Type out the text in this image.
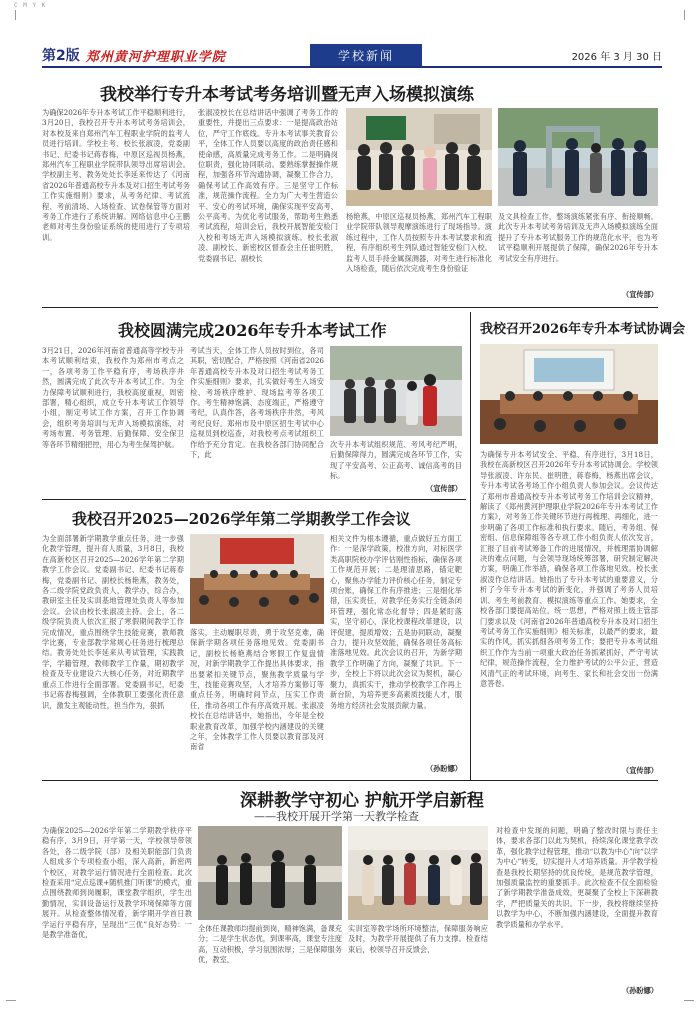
C M Y K
第2版 郑州黄河护理职业学院	学校新闻	2026 年 3 月 30 日
我校举行专升本考试考务培训暨无声入场模拟演练
为确保2026年专升本考试工作平稳顺利进行，3月20日，我校召开专升本考试考务培训会，对本校及来自郑州汽车工程职业学院的监考人员进行培训。学校主考、校长张淑凌，党委副书记、纪委书记蒋春梅，中原区巡视员杨燕，郑州汽车工程职业学院带队领导出席培训会。学校副主考、教务处处长李延来传达了《河南省2026年普通高校专升本及对口招生考试考务工作实施细则》要求，从考务纪律、考试流程、考前清场、入场检查、试卷保管等方面对考务工作进行了系统讲解。网络信息中心王鹏老师对考生身份验证系统的使用进行了专项培训。
张淑凌校长在总结讲话中强调了考务工作的重要性，并提出三点要求：一是提高政治站位，严守工作底线。专升本考试事关教育公平，全体工作人员要以高度的政治责任感和使命感，高质量完成考务工作。二是明确岗位职责，强化协同联动。要熟练掌握操作规程，加强各环节沟通协调，凝聚工作合力，确保考试工作高效有序。三是坚守工作标准，规范操作流程。全力为广大考生营造公平、安心的考试环境，确保实现平安高考、公平高考。为优化考试服务，帮助考生熟悉考试流程，培训会后，我校开展智能安检门入校和考场无声入场模拟演练。校长张淑凌、副校长、新密校区督查会主任崔明胜，党委副书记、副校长
杨艳燕，中原区巡视员杨燕，郑州汽车工程职业学院带队领导观摩演练进行了现场指导。演练过程中，工作人员按照专升本考试要求和流程，有序组织考生列队通过智能安检门入校。监考人员手持金属探测器，对考生进行标准化入场检查，随后依次完成考生身份验证
及文具检查工作，整场演练紧张有序、衔接顺畅。此次专升本考试考务培训及无声入场模拟演练全面提升了专升本考试服务工作的规范化水平，也为考试平稳顺利开展提供了保障，确保2026年专升本考试安全有序进行。
（宣传部）
我校圆满完成2026年专升本考试工作
3月21日，2026年河南省普通高等学校专升本考试顺利结束，我校作为郑州市考点之一，各项考务工作平稳有序，考场秩序井然，圆满完成了此次专升本考试工作。为全力保障考试顺利进行，我校高度重视，周密部署，精心组织，成立专升本考试工作领导小组，制定考试工作方案，召开工作协调会，组织考务培训与无声入场模拟演练，对考场布置、考务管理、后勤保障、安全保卫等各环节精细把控，用心为考生保驾护航。
考试当天，全体工作人员按时到位，各司其职，密切配合，严格按照《河南省2026年普通高校专升本及对口招生考试考务工作实施细则》要求，扎实做好考生入场安检、考场秩序维护、现场监考等各项工作。考生精神饱满、态度端正，严格遵守考纪，认真作答，各考场秩序井然，考风考纪良好。郑州市及中原区招生考试中心巡视员到校巡查，对我校考点考试组织工作给予充分肯定。在我校各部门协同配合下，此
次专升本考试组织规范、考风考纪严明，后勤保障得力，圆满完成各环节工作，实现了平安高考、公正高考、诚信高考的目标。
（宣传部）
我校召开2026年专升本考试协调会
为确保专升本考试安全、平稳、有序进行，3月18日，我校在高新校区召开2026年专升本考试协调会。学校领导张淑凌、许东民、崔明胜，蒋春梅，杨燕出席会议，专升本考试各考场工作小组负责人参加会议。会议传达了郑州市普通高校专升本考试考务工作培训会议精神，解读了《郑州黄河护理职业学院2026年专升本考试工作方案》，对考务工作关键环节进行再梳理、再细化，进一步明确了各项工作标准和执行要求。随后，考务组、保密组、信息保障组等各专项工作小组负责人依次发言，汇报了目前考试筹备工作的进展情况，并梳理需协调解决的难点问题，与会领导现场统筹部署，研究制定解决方案，明确工作举措，确保各项工作落地见效。校长张淑凌作总结讲话。她指出了专升本考试的重要意义，分析了今年专升本考试的新变化，并强调了考务人员培训、考生考前教育、模拟演练等重点工作。她要求，全校各部门要提高站位，统一思想，严格对照上级主管部门要求以及《河南省2026年普通高校专升本及对口招生考试考务工作实施细则》相关标准，以最严的要求，最实的作风，抓实抓细各项考务工作；要把专升本考试组织工作作为当前一项重大政治任务抓紧抓好，严守考试纪律，规范操作流程，全力维护考试的公平公正，营造风清气正的考试环境，向考生、家长和社会交出一份满意答卷。
（宣传部）
我校召开2025—2026学年第二学期教学工作会议
为全面部署新学期教学重点任务，进一步强化教学管理，提升育人质量，3月8日，我校在高新校区召开2025—2026学年第二学期教学工作会议。党委副书记、纪委书记蒋春梅，党委副书记、副校长杨艳燕，教务处，各二级学院党政负责人，教学办，综合办，教研室主任及实训基地管理处负责人等参加会议。会议由校长张淑凌主持。会上，各二级学院负责人依次汇报了寒假期间教学工作完成情况，重点围绕学生技能竞赛，教师教学比赛，专业部教学常规心任务进行梳理总结。教务处处长李延来从考试管理，实践教学，学籍管理，教师教学工作量，期初教学检查及专业建设六大核心任务，对近期教学重点工作进行全面部署。党委副书记，纪委书记蒋春梅强调，全体教职工要强化责任意识，激发主观能动性，担当作为，狠抓
落实，主动履职尽责，勇于攻坚克难，确保新学期各项任务落地见效。党委副书记，副校长杨艳燕结合寒假工作复盘情况，对新学期教学工作提出具体要求，指出要紧扣关键节点，聚焦教学质量与学生，技能竞赛攻坚，人才培养方案修订等重点任务，明确时间节点，压实工作责任，推动各项工作有序高效开展。张淑凌校长在总结讲话中，她指出，今年是全校职业教育改革，加强学校内涵建设的关键之年，全体教学工作人员要以教育部及河南省
相关文件为根本遵循，重点做好五方面工作：一是深学政策，校准方向，对标医学类高职院校办学评估刚性指标，确保各项工作规范开展；二是理清思路，锚定靶心，聚焦办学能力评价核心任务，制定专项台账，确保工作有序推进；三是细化举措，压实责任，对教学任务实行全链条闭环管理，强化常态化督导；四是紧盯落实，坚守初心，深化校课程改革建设，以评促建，提质增效；五是协同联动，凝聚合力，提升攻坚效能，确保各项任务高标准落地见效。此次会议的召开，为新学期教学工作明确了方向，凝聚了共识。下一步，全校上下将以此次会议为契机，凝心聚力，真抓实干，推动学校教学工作再上新台阶，为培养更多高素质技能人才，服务地方经济社会发展贡献力量。
（孙盼娜）
深耕教学守初心 护航开学启新程
——我校开展开学第一天教学检查
为确保2025—2026学年第二学期教学秩序平稳有序，3月9日，开学第一天，学校领导带领各处，各二级学院（部）及相关职能部门负责人组成多个专项检查小组，深入高新，新密两个校区，对教学运行情况进行全面检查。此次检查采用“定点巡课+随机推门听课”的模式，重点围绕教师到岗履职，课堂教学组织，学生出勤情况，实训设备运行及教学环境保障等方面展开。从检查整体情况看，新学期开学首日教学运行平稳有序，呈现出“三优”良好态势：一是教学准备优，
全体任课教师均提前到岗，精神饱满，备课充分；二是学生状态优，到课率高，课堂专注度高，互动积极，学习氛围浓厚；三是保障服务优，教室，
实训室等教学场所环境整洁，保障服务响应及时，为教学开展提供了有力支撑。检查结束后，校领导召开反馈会，
对检查中发现的问题，明确了整改时限与责任主体，要求各部门以此为契机，持续深化课堂教学改革，强化教学过程管理，推动“以教为中心”向“以学为中心”转变，切实提升人才培养质量。开学教学检查是我校长期坚持的优良传统，是规范教学管理，加强质量监控的重要抓手。此次检查不仅全面检验了新学期教学准备成效，更凝聚了全校上下深耕教学，严把质量关的共识。下一步，我校将继续坚持以教学为中心，不断加强内涵建设，全面提升教育教学质量和办学水平。
（孙盼娜）
